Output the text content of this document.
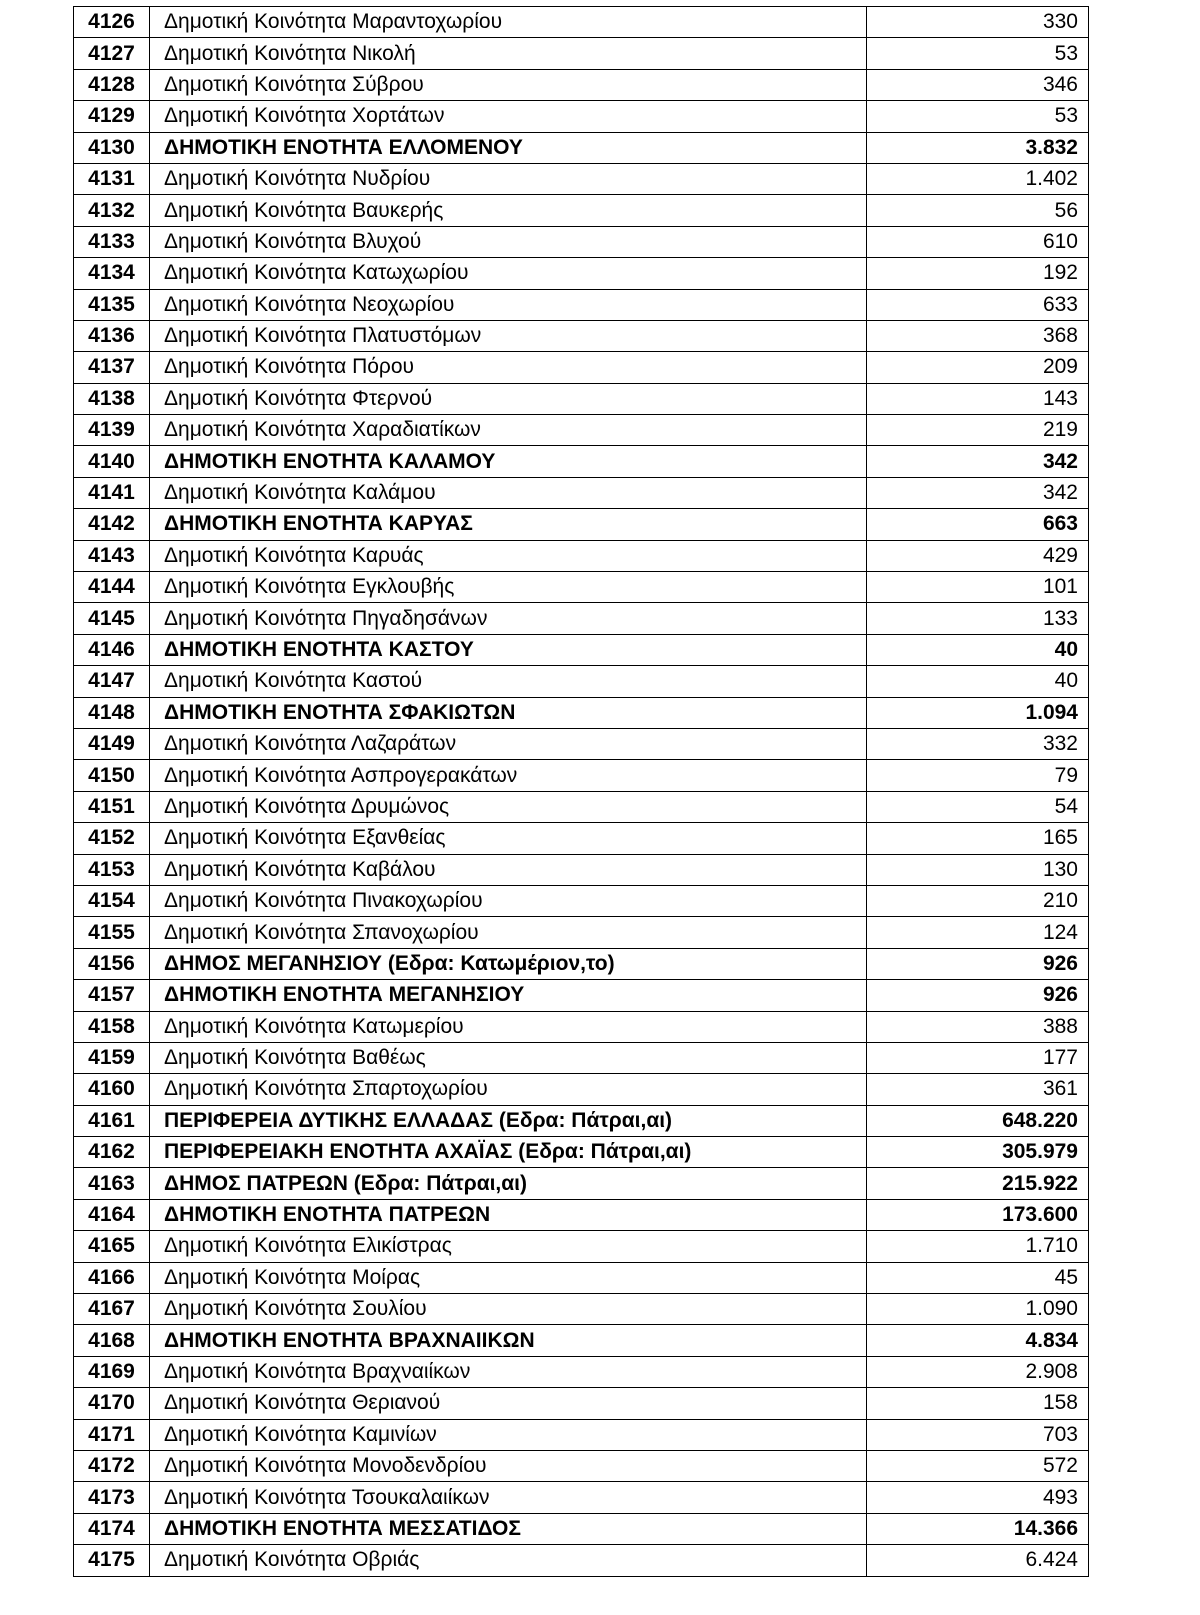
4126	Δημοτική Κοινότητα Μαραντοχωρίου	330
4127	Δημοτική Κοινότητα Νικολή	53
4128	Δημοτική Κοινότητα Σύβρου	346
4129	Δημοτική Κοινότητα Χορτάτων	53
4130	ΔΗΜΟΤΙΚΗ ΕΝΟΤΗΤΑ ΕΛΛΟΜΕΝΟΥ	3.832
4131	Δημοτική Κοινότητα Νυδρίου	1.402
4132	Δημοτική Κοινότητα Βαυκερής	56
4133	Δημοτική Κοινότητα Βλυχού	610
4134	Δημοτική Κοινότητα Κατωχωρίου	192
4135	Δημοτική Κοινότητα Νεοχωρίου	633
4136	Δημοτική Κοινότητα Πλατυστόμων	368
4137	Δημοτική Κοινότητα Πόρου	209
4138	Δημοτική Κοινότητα Φτερνού	143
4139	Δημοτική Κοινότητα Χαραδιατίκων	219
4140	ΔΗΜΟΤΙΚΗ ΕΝΟΤΗΤΑ ΚΑΛΑΜΟΥ	342
4141	Δημοτική Κοινότητα Καλάμου	342
4142	ΔΗΜΟΤΙΚΗ ΕΝΟΤΗΤΑ ΚΑΡΥΑΣ	663
4143	Δημοτική Κοινότητα Καρυάς	429
4144	Δημοτική Κοινότητα Εγκλουβής	101
4145	Δημοτική Κοινότητα Πηγαδησάνων	133
4146	ΔΗΜΟΤΙΚΗ ΕΝΟΤΗΤΑ ΚΑΣΤΟΥ	40
4147	Δημοτική Κοινότητα Καστού	40
4148	ΔΗΜΟΤΙΚΗ ΕΝΟΤΗΤΑ ΣΦΑΚΙΩΤΩΝ	1.094
4149	Δημοτική Κοινότητα Λαζαράτων	332
4150	Δημοτική Κοινότητα Ασπρογερακάτων	79
4151	Δημοτική Κοινότητα Δρυμώνος	54
4152	Δημοτική Κοινότητα Εξανθείας	165
4153	Δημοτική Κοινότητα Καβάλου	130
4154	Δημοτική Κοινότητα Πινακοχωρίου	210
4155	Δημοτική Κοινότητα Σπανοχωρίου	124
4156	ΔΗΜΟΣ ΜΕΓΑΝΗΣΙΟΥ (Εδρα: Κατωμέριον,το)	926
4157	ΔΗΜΟΤΙΚΗ ΕΝΟΤΗΤΑ ΜΕΓΑΝΗΣΙΟΥ	926
4158	Δημοτική Κοινότητα Κατωμερίου	388
4159	Δημοτική Κοινότητα Βαθέως	177
4160	Δημοτική Κοινότητα Σπαρτοχωρίου	361
4161	ΠΕΡΙΦΕΡΕΙΑ ΔΥΤΙΚΗΣ ΕΛΛΑΔΑΣ (Εδρα: Πάτραι,αι)	648.220
4162	ΠΕΡΙΦΕΡΕΙΑΚΗ ΕΝΟΤΗΤΑ ΑΧΑΪΑΣ (Εδρα: Πάτραι,αι)	305.979
4163	ΔΗΜΟΣ ΠΑΤΡΕΩΝ (Εδρα: Πάτραι,αι)	215.922
4164	ΔΗΜΟΤΙΚΗ ΕΝΟΤΗΤΑ ΠΑΤΡΕΩΝ	173.600
4165	Δημοτική Κοινότητα Ελικίστρας	1.710
4166	Δημοτική Κοινότητα Μοίρας	45
4167	Δημοτική Κοινότητα Σουλίου	1.090
4168	ΔΗΜΟΤΙΚΗ ΕΝΟΤΗΤΑ ΒΡΑΧΝΑΙΙΚΩΝ	4.834
4169	Δημοτική Κοινότητα Βραχναιίκων	2.908
4170	Δημοτική Κοινότητα Θεριανού	158
4171	Δημοτική Κοινότητα Καμινίων	703
4172	Δημοτική Κοινότητα Μονοδενδρίου	572
4173	Δημοτική Κοινότητα Τσουκαλαιίκων	493
4174	ΔΗΜΟΤΙΚΗ ΕΝΟΤΗΤΑ ΜΕΣΣΑΤΙΔΟΣ	14.366
4175	Δημοτική Κοινότητα Οβριάς	6.424
